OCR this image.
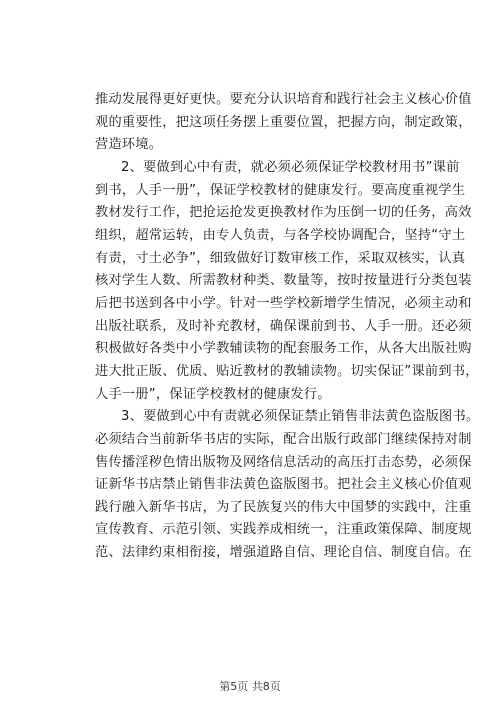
推动发展得更好更快。要充分认识培育和践行社会主义核心价值
观的重要性，把这项任务摆上重要位置，把握方向，制定政策，
营造环境。
2、要做到心中有责，就必须必须保证学校教材用书”课前
到书，人手一册”，保证学校教材的健康发行。要高度重视学生
教材发行工作，把抢运抢发更换教材作为压倒一切的任务，高效
组织，超常运转，由专人负责，与各学校协调配合，坚持“守土
有责，寸土必争”，细致做好订数审核工作，采取双核实，认真
核对学生人数、所需教材种类、数量等，按时按量进行分类包装
后把书送到各中小学。针对一些学校新增学生情况，必须主动和
出版社联系，及时补充教材，确保课前到书、人手一册。还必须
积极做好各类中小学教辅读物的配套服务工作，从各大出版社购
进大批正版、优质、贴近教材的教辅读物。切实保证”课前到书，
人手一册”，保证学校教材的健康发行。
3、要做到心中有责就必须保证禁止销售非法黄色盗版图书。
必须结合当前新华书店的实际，配合出版行政部门继续保持对制
售传播淫秽色情出版物及网络信息活动的高压打击态势，必须保
证新华书店禁止销售非法黄色盗版图书。把社会主义核心价值观
践行融入新华书店，为了民族复兴的伟大中国梦的实践中，注重
宣传教育、示范引领、实践养成相统一，注重政策保障、制度规
范、法律约束相衔接，增强道路自信、理论自信、制度自信。在
第5页 共8页
